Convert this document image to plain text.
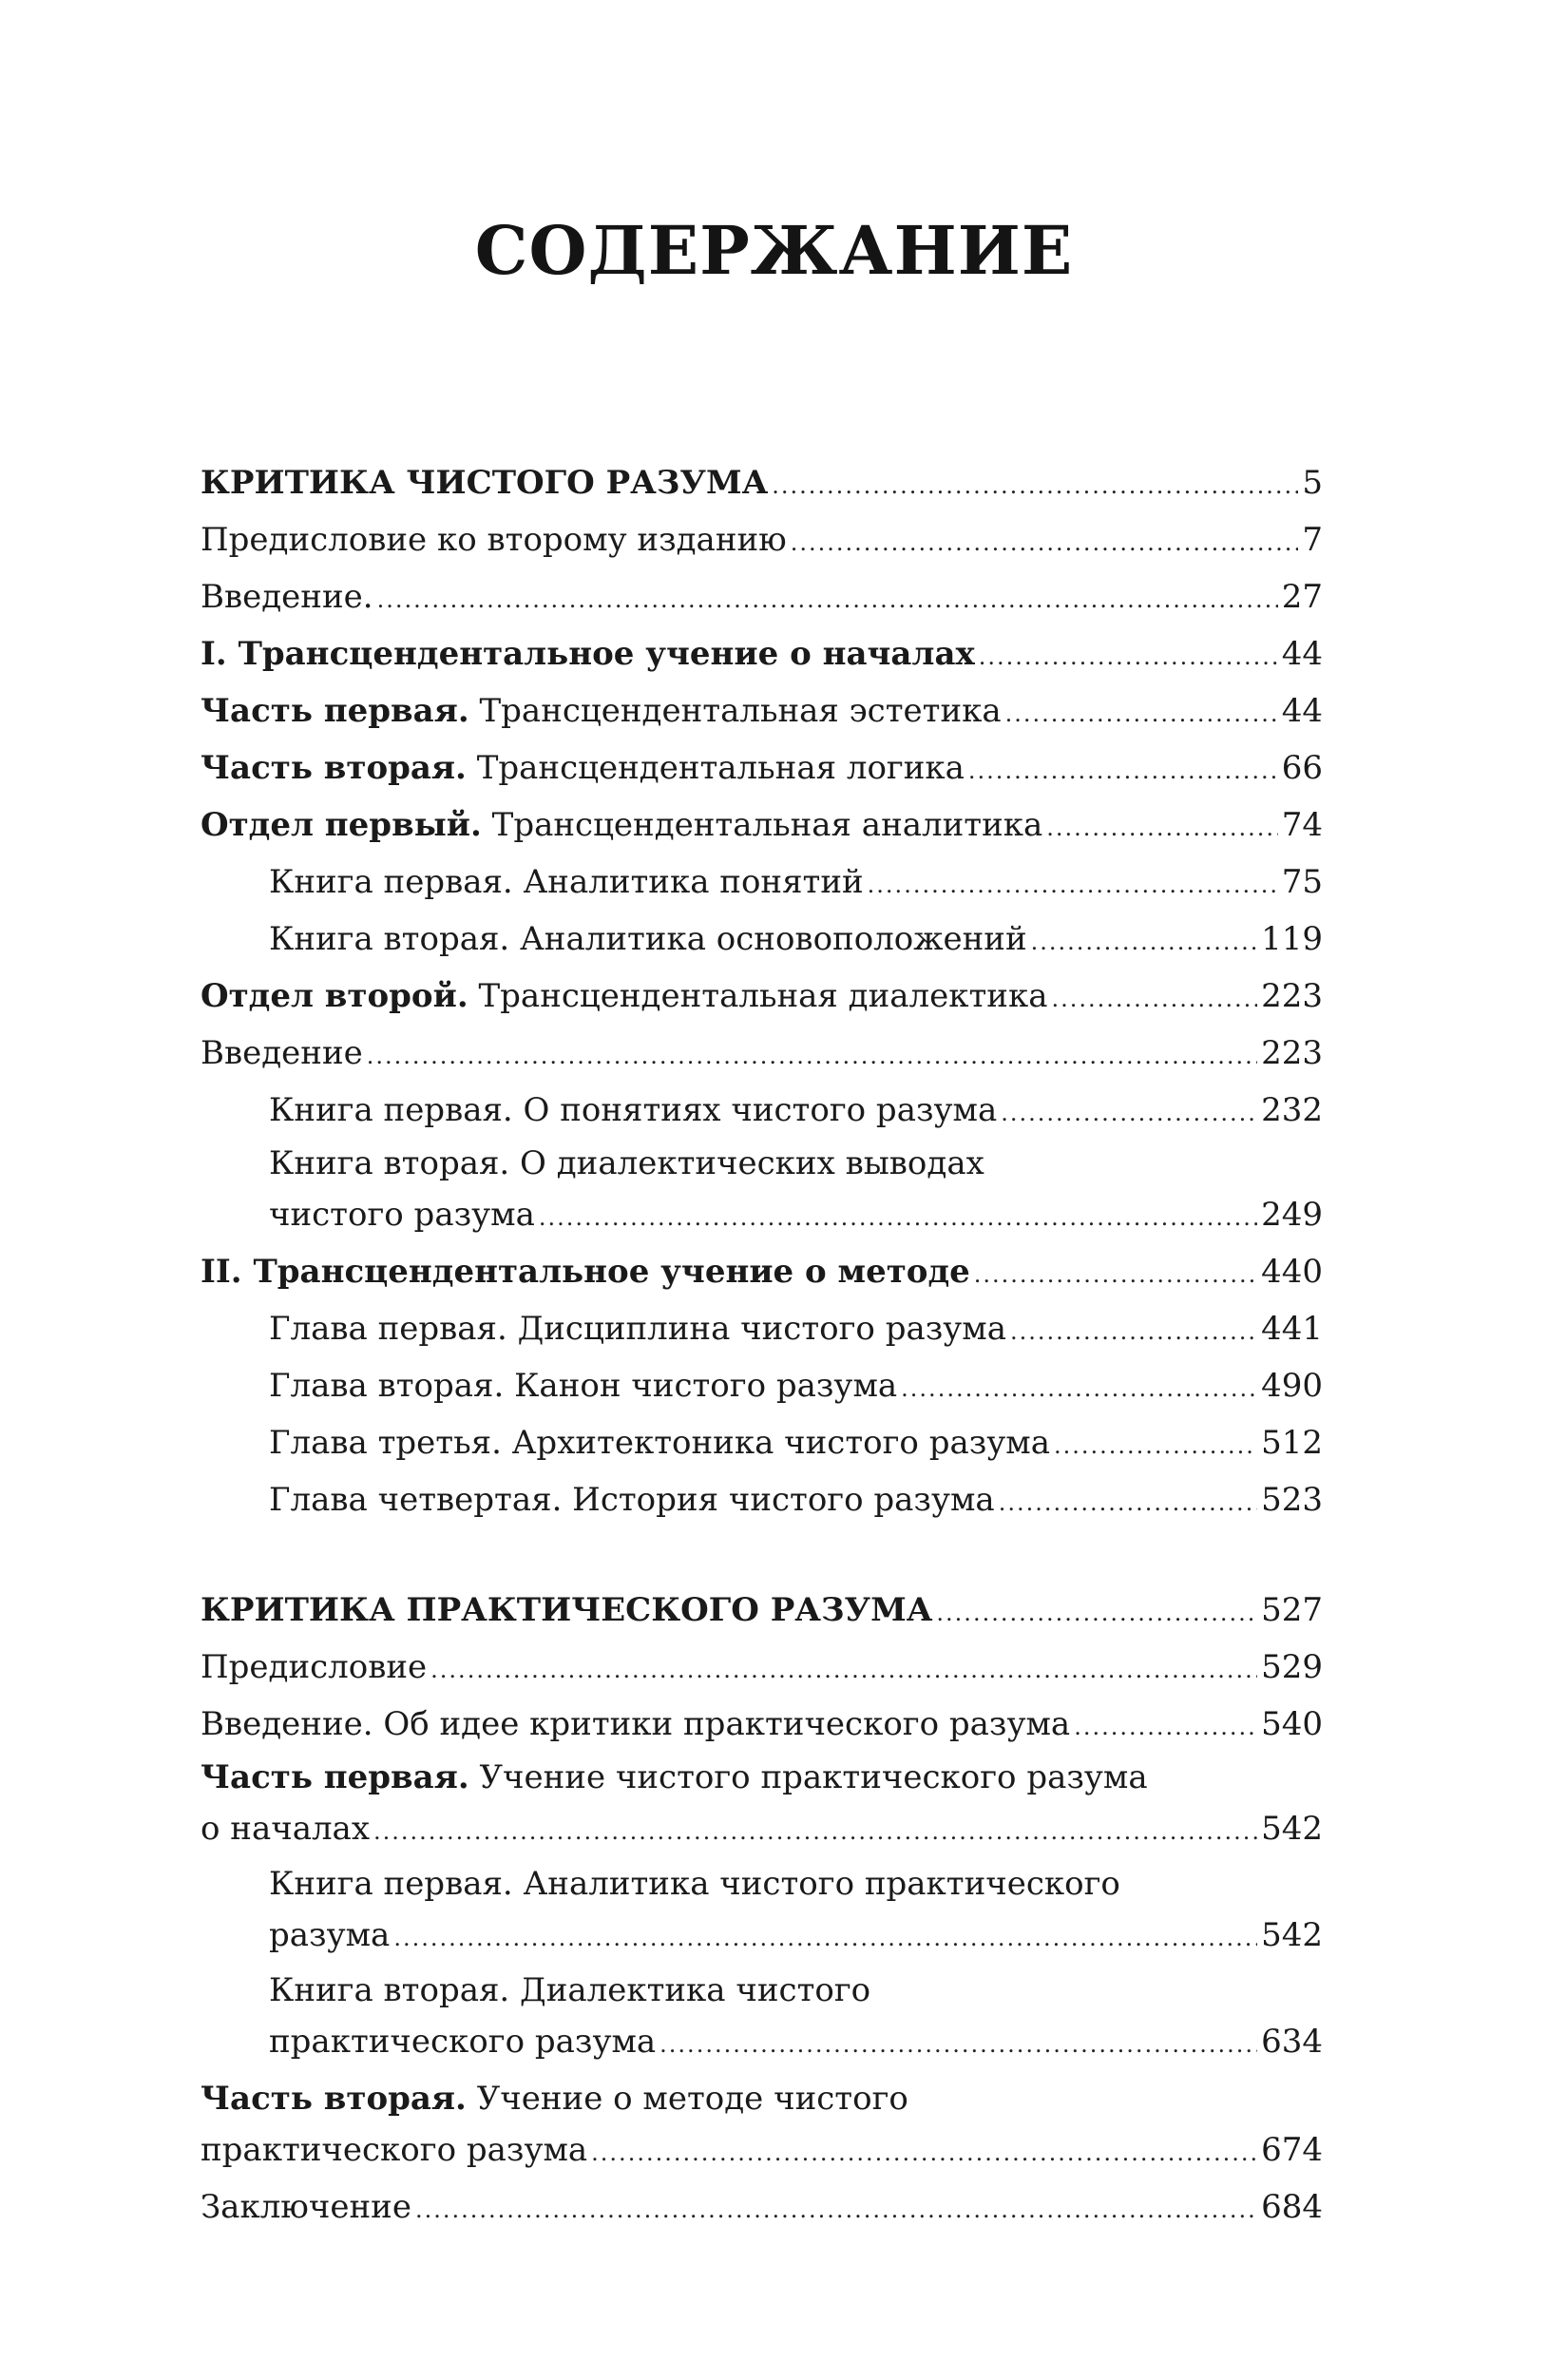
СОДЕРЖАНИЕ
КРИТИКА ЧИСТОГО РАЗУМА .....	5
Предисловие ко второму изданию .....	7
Введение. .....	27
I. Трансцендентальное учение о началах .....	44
Часть первая. Трансцендентальная эстетика .....	44
Часть вторая. Трансцендентальная логика .....	66
Отдел первый. Трансцендентальная аналитика .....	74
Книга первая. Аналитика понятий .....	75
Книга вторая. Аналитика основоположений .....	119
Отдел второй. Трансцендентальная диалектика .....	223
Введение .....	223
Книга первая. О понятиях чистого разума .....	232
Книга вторая. О диалектических выводах
чистого разума .....	249
II. Трансцендентальное учение о методе .....	440
Глава первая. Дисциплина чистого разума .....	441
Глава вторая. Канон чистого разума .....	490
Глава третья. Архитектоника чистого разума .....	512
Глава четвертая. История чистого разума .....	523
КРИТИКА ПРАКТИЧЕСКОГО РАЗУМА .....	527
Предисловие .....	529
Введение. Об идее критики практического разума .....	540
Часть первая. Учение чистого практического разума
о началах .....	542
Книга первая. Аналитика чистого практического
разума .....	542
Книга вторая. Диалектика чистого
практического разума .....	634
Часть вторая. Учение о методе чистого
практического разума .....	674
Заключение .....	684
